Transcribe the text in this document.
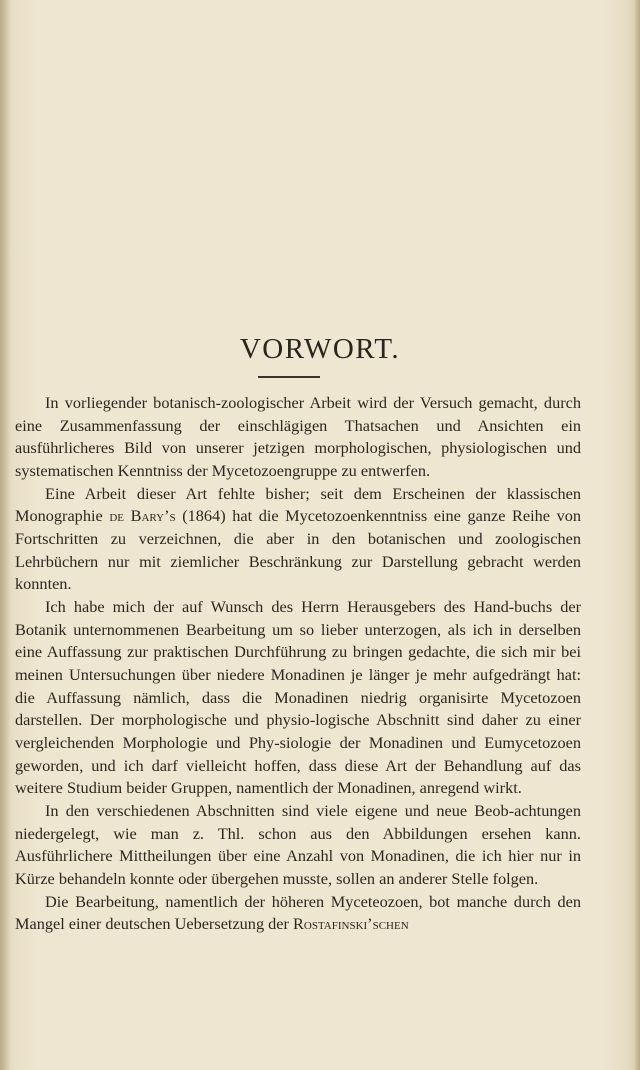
VORWORT.

In vorliegender botanisch-zoologischer Arbeit wird der Versuch gemacht, durch eine Zusammenfassung der einschlägigen Thatsachen und Ansichten ein ausführlicheres Bild von unserer jetzigen morphologischen, physiologischen und systematischen Kenntniss der Mycetozoengruppe zu entwerfen.

Eine Arbeit dieser Art fehlte bisher; seit dem Erscheinen der klassischen Monographie de Bary’s (1864) hat die Mycetozoenkenntniss eine ganze Reihe von Fortschritten zu verzeichnen, die aber in den botanischen und zoologischen Lehrbüchern nur mit ziemlicher Beschränkung zur Darstellung gebracht werden konnten.

Ich habe mich der auf Wunsch des Herrn Herausgebers des Hand-buchs der Botanik unternommenen Bearbeitung um so lieber unterzogen, als ich in derselben eine Auffassung zur praktischen Durchführung zu bringen gedachte, die sich mir bei meinen Untersuchungen über niedere Monadinen je länger je mehr aufgedrängt hat: die Auffassung nämlich, dass die Monadinen niedrig organisirte Mycetozoen darstellen. Der morphologische und physio-logische Abschnitt sind daher zu einer vergleichenden Morphologie und Phy-siologie der Monadinen und Eumycetozoen geworden, und ich darf vielleicht hoffen, dass diese Art der Behandlung auf das weitere Studium beider Gruppen, namentlich der Monadinen, anregend wirkt.

In den verschiedenen Abschnitten sind viele eigene und neue Beob-achtungen niedergelegt, wie man z. Thl. schon aus den Abbildungen ersehen kann. Ausführlichere Mittheilungen über eine Anzahl von Monadinen, die ich hier nur in Kürze behandeln konnte oder übergehen musste, sollen an anderer Stelle folgen.

Die Bearbeitung, namentlich der höheren Myceteozoen, bot manche durch den Mangel einer deutschen Uebersetzung der Rostafinski’schen
